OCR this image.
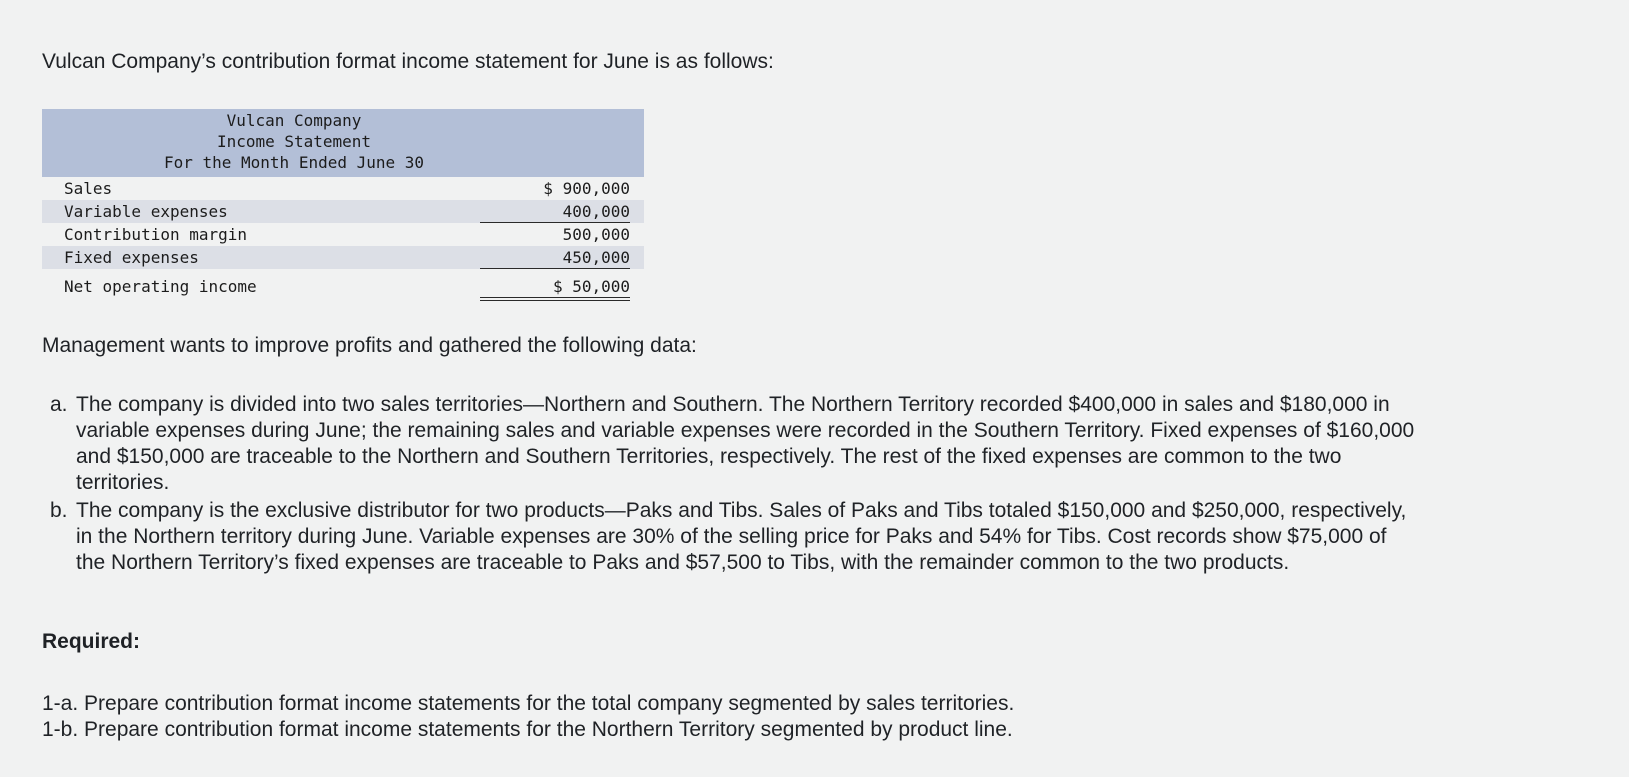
Vulcan Company’s contribution format income statement for June is as follows:
Vulcan Company
Income Statement
For the Month Ended June 30
Sales	$ 900,000
Variable expenses	400,000
Contribution margin	500,000
Fixed expenses	450,000
Net operating income	$ 50,000
Management wants to improve profits and gathered the following data:
a. The company is divided into two sales territories—Northern and Southern. The Northern Territory recorded $400,000 in sales and $180,000 in variable expenses during June; the remaining sales and variable expenses were recorded in the Southern Territory. Fixed expenses of $160,000 and $150,000 are traceable to the Northern and Southern Territories, respectively. The rest of the fixed expenses are common to the two territories.
b. The company is the exclusive distributor for two products—Paks and Tibs. Sales of Paks and Tibs totaled $150,000 and $250,000, respectively, in the Northern territory during June. Variable expenses are 30% of the selling price for Paks and 54% for Tibs. Cost records show $75,000 of the Northern Territory’s fixed expenses are traceable to Paks and $57,500 to Tibs, with the remainder common to the two products.
Required:
1-a. Prepare contribution format income statements for the total company segmented by sales territories.
1-b. Prepare contribution format income statements for the Northern Territory segmented by product line.
